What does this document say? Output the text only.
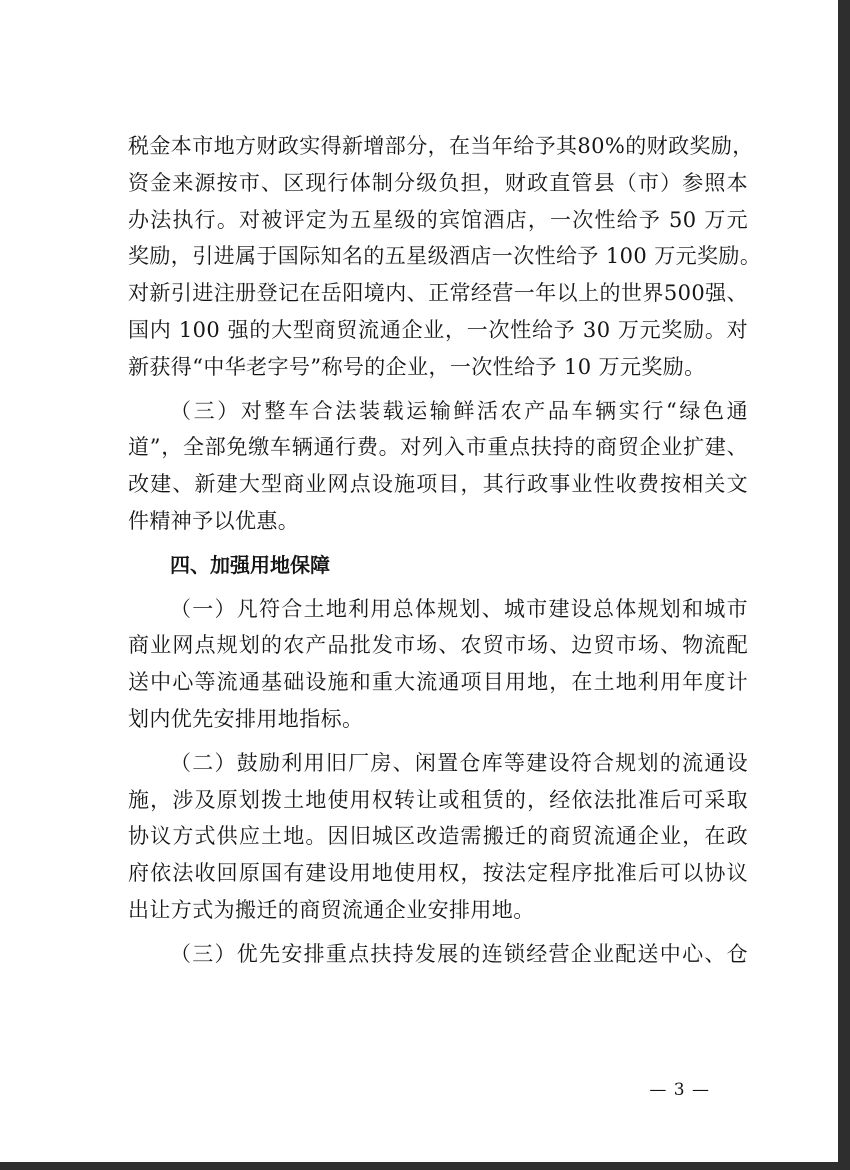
税金本市地方财政实得新增部分，在当年给予其80%的财政奖励，
资金来源按市、区现行体制分级负担，财政直管县（市）参照本
办法执行。对被评定为五星级的宾馆酒店，一次性给予 50 万元
奖励，引进属于国际知名的五星级酒店一次性给予 100 万元奖励。
对新引进注册登记在岳阳境内、正常经营一年以上的世界500强、
国内 100 强的大型商贸流通企业，一次性给予 30 万元奖励。对
新获得“中华老字号”称号的企业，一次性给予 10 万元奖励。

（三）对整车合法装载运输鲜活农产品车辆实行“绿色通
道”，全部免缴车辆通行费。对列入市重点扶持的商贸企业扩建、
改建、新建大型商业网点设施项目，其行政事业性收费按相关文
件精神予以优惠。

四、加强用地保障

（一）凡符合土地利用总体规划、城市建设总体规划和城市
商业网点规划的农产品批发市场、农贸市场、边贸市场、物流配
送中心等流通基础设施和重大流通项目用地，在土地利用年度计
划内优先安排用地指标。

（二）鼓励利用旧厂房、闲置仓库等建设符合规划的流通设
施，涉及原划拨土地使用权转让或租赁的，经依法批准后可采取
协议方式供应土地。因旧城区改造需搬迁的商贸流通企业，在政
府依法收回原国有建设用地使用权，按法定程序批准后可以协议
出让方式为搬迁的商贸流通企业安排用地。

（三）优先安排重点扶持发展的连锁经营企业配送中心、仓

— 3 —
